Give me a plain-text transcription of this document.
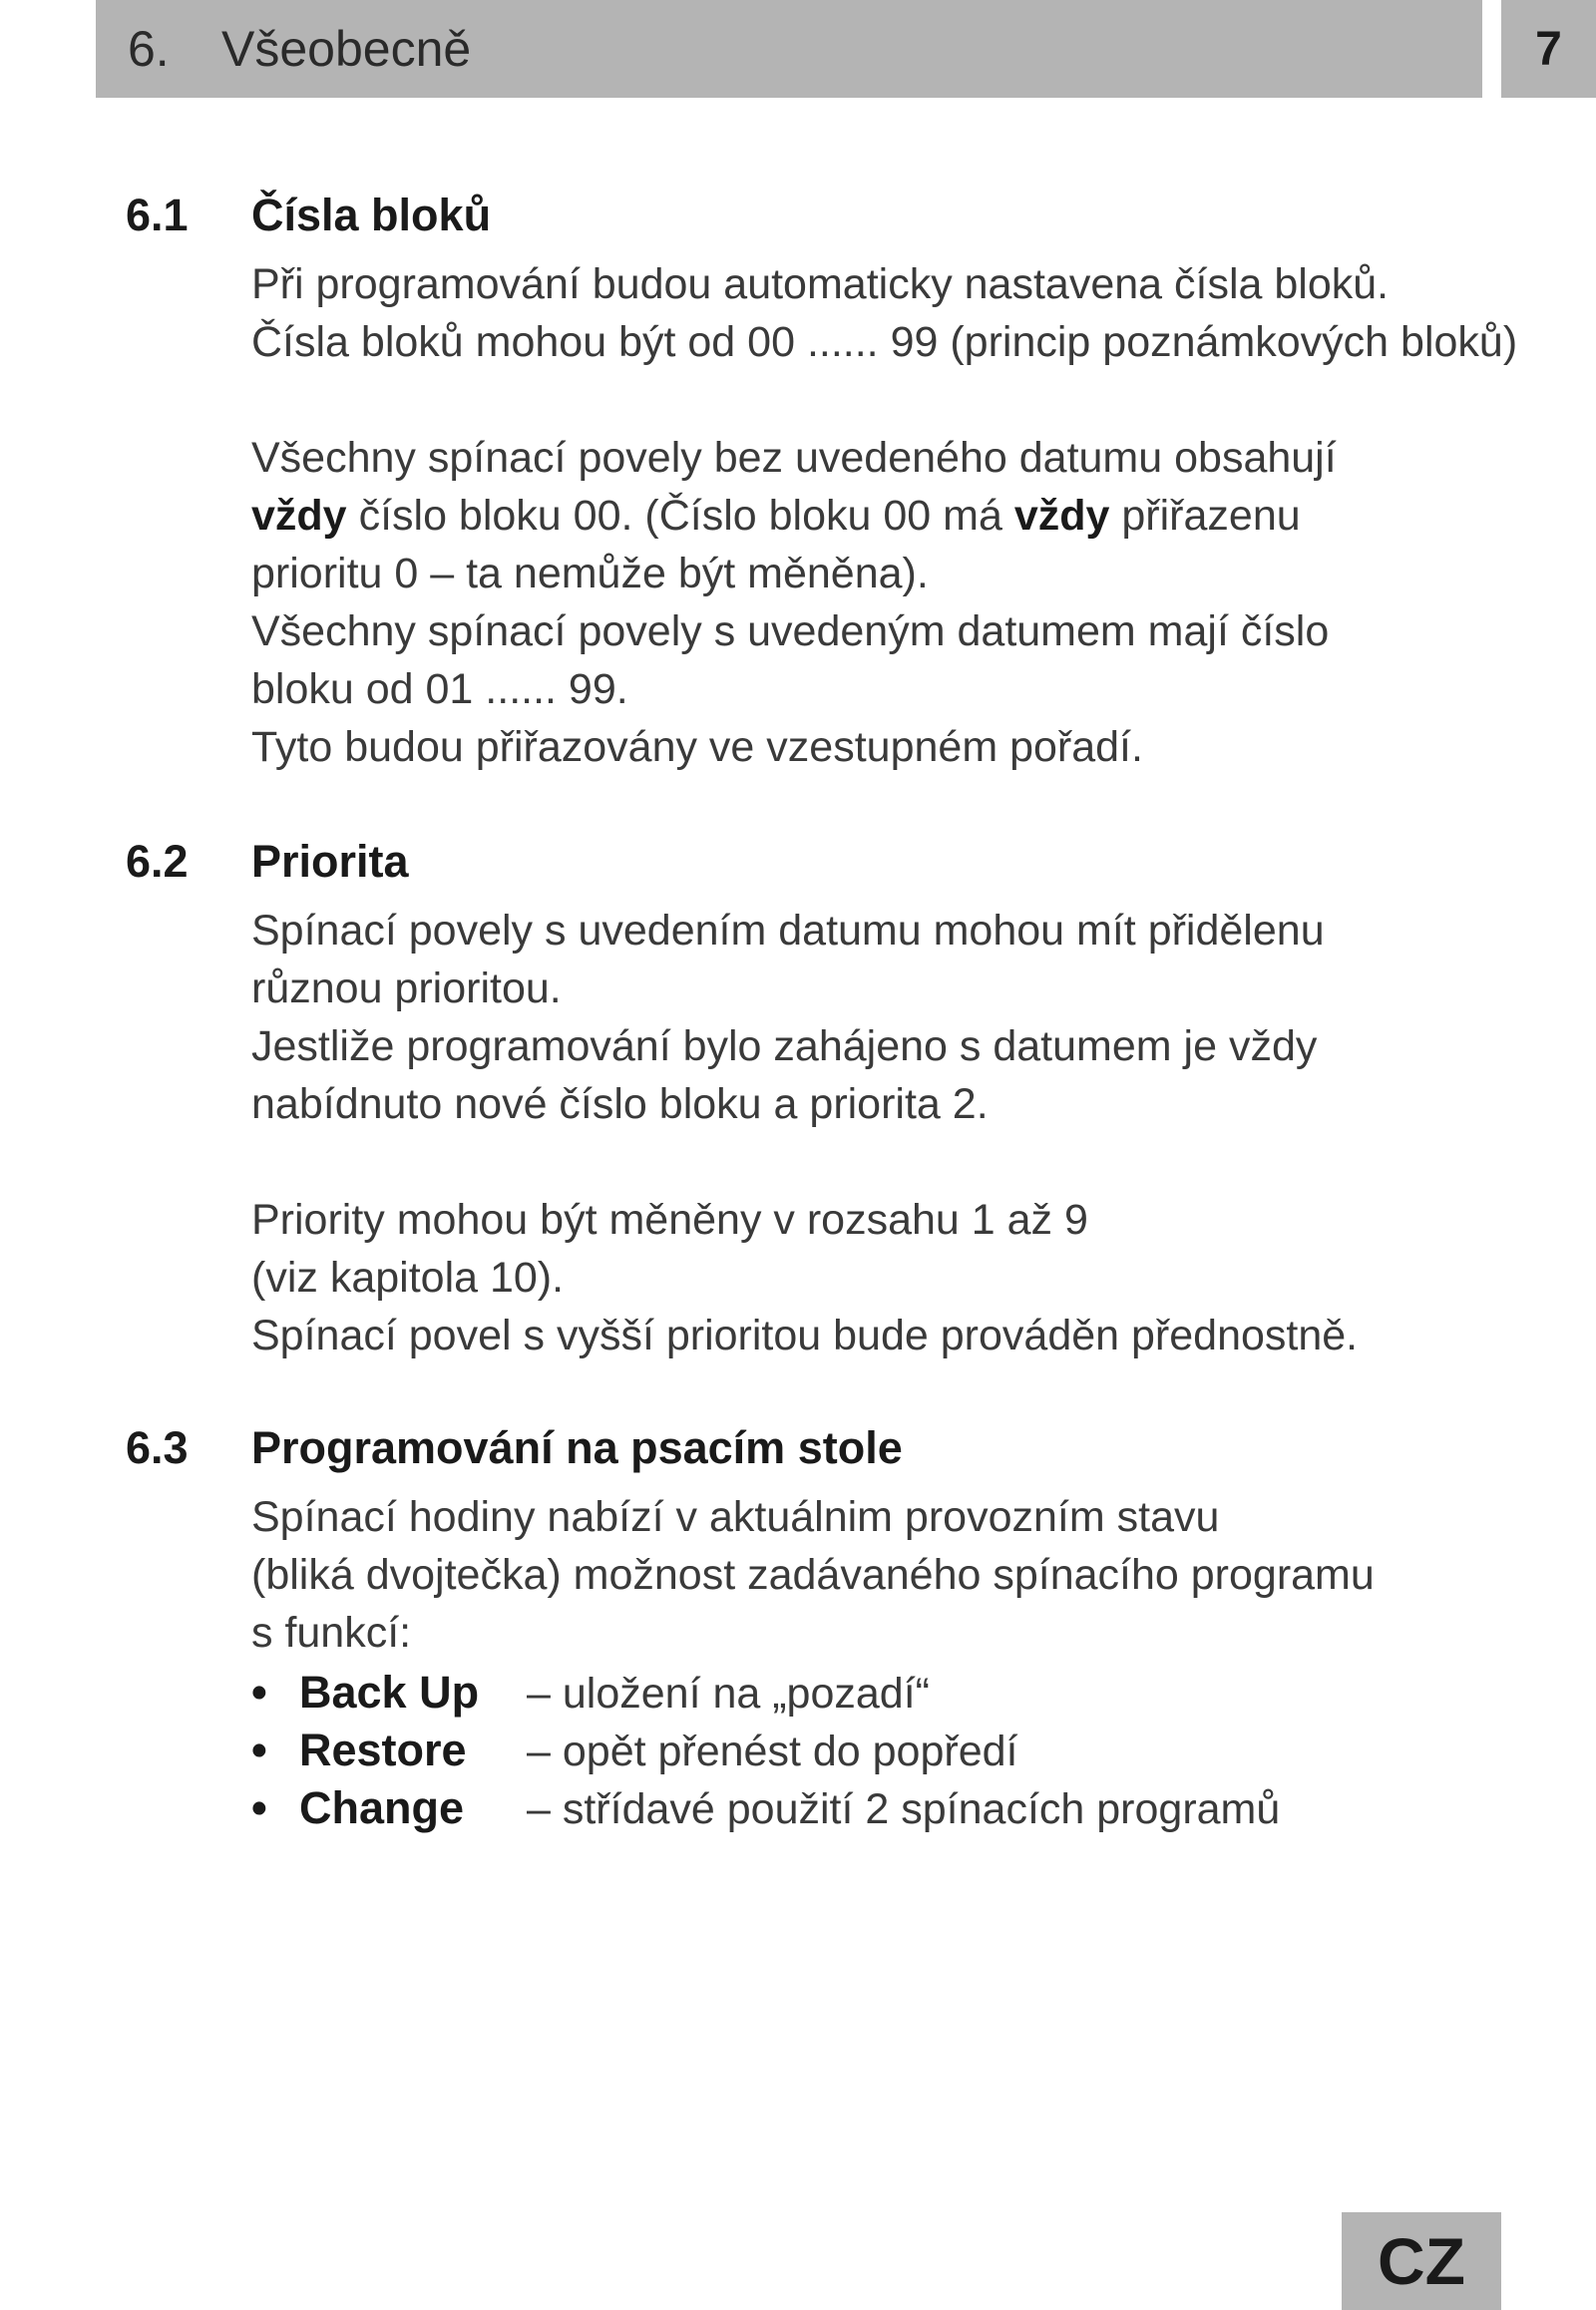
6.	Všeobecně	7
6.1 Čísla bloků
Při programování budou automaticky nastavena čísla bloků.
Čísla bloků mohou být od 00 ...... 99 (princip poznámkových bloků)
Všechny spínací povely bez uvedeného datumu obsahují
vždy číslo bloku 00. (Číslo bloku 00 má vždy přiřazenu
prioritu 0 – ta nemůže být měněna).
Všechny spínací povely s uvedeným datumem mají číslo
bloku od 01 ...... 99.
Tyto budou přiřazovány ve vzestupném pořadí.
6.2 Priorita
Spínací povely s uvedením datumu mohou mít přidělenu
různou prioritou.
Jestliže programování bylo zahájeno s datumem je vždy
nabídnuto nové číslo bloku a priorita 2.
Priority mohou být měněny v rozsahu 1 až 9
(viz kapitola 10).
Spínací povel s vyšší prioritou bude prováděn přednostně.
6.3 Programování na psacím stole
Spínací hodiny nabízí v aktuálnim provozním stavu
(bliká dvojtečka) možnost zadávaného spínacího programu
s funkcí:
• Back Up – uložení na „pozadí“
• Restore – opět přenést do popředí
• Change – střídavé použití 2 spínacích programů
CZ
